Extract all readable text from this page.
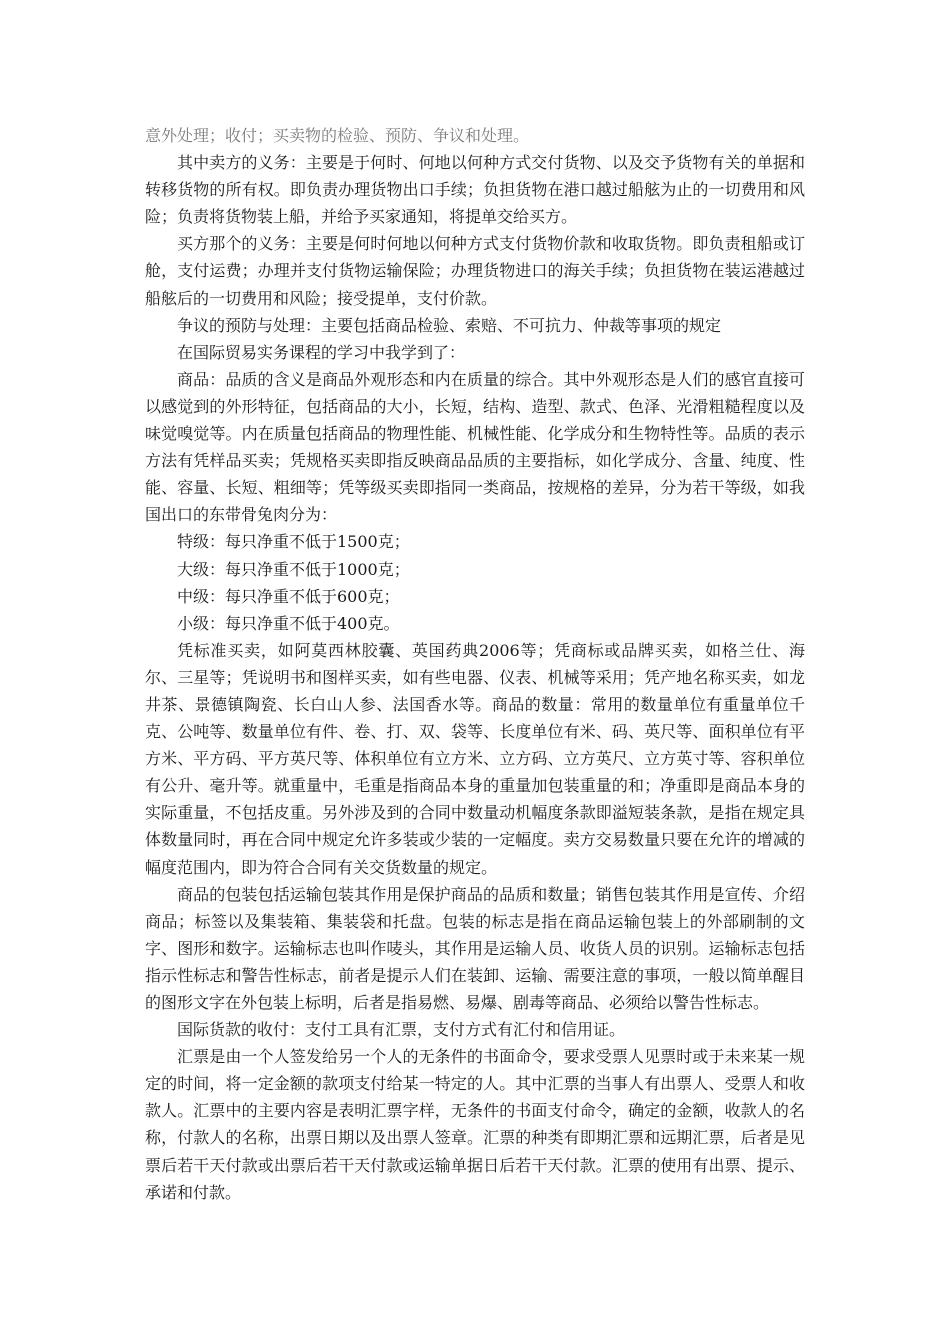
意外处理；收付；买卖物的检验、预防、争议和处理。

其中卖方的义务：主要是于何时、何地以何种方式交付货物、以及交予货物有关的单据和转移货物的所有权。即负责办理货物出口手续；负担货物在港口越过船舷为止的一切费用和风险；负责将货物装上船，并给予买家通知，将提单交给买方。

买方那个的义务：主要是何时何地以何种方式支付货物价款和收取货物。即负责租船或订舱，支付运费；办理并支付货物运输保险；办理货物进口的海关手续；负担货物在装运港越过船舷后的一切费用和风险；接受提单，支付价款。

争议的预防与处理：主要包括商品检验、索赔、不可抗力、仲裁等事项的规定

在国际贸易实务课程的学习中我学到了：

商品：品质的含义是商品外观形态和内在质量的综合。其中外观形态是人们的感官直接可以感觉到的外形特征，包括商品的大小，长短，结构、造型、款式、色泽、光滑粗糙程度以及味觉嗅觉等。内在质量包括商品的物理性能、机械性能、化学成分和生物特性等。品质的表示方法有凭样品买卖；凭规格买卖即指反映商品品质的主要指标，如化学成分、含量、纯度、性能、容量、长短、粗细等；凭等级买卖即指同一类商品，按规格的差异，分为若干等级，如我国出口的东带骨兔肉分为：

特级：每只净重不低于1500克；

大级：每只净重不低于1000克；

中级：每只净重不低于600克；

小级：每只净重不低于400克。

凭标准买卖，如阿莫西林胶囊、英国药典2006等；凭商标或品牌买卖，如格兰仕、海尔、三星等；凭说明书和图样买卖，如有些电器、仪表、机械等采用；凭产地名称买卖，如龙井茶、景德镇陶瓷、长白山人参、法国香水等。商品的数量：常用的数量单位有重量单位千克、公吨等、数量单位有件、卷、打、双、袋等、长度单位有米、码、英尺等、面积单位有平方米、平方码、平方英尺等、体积单位有立方米、立方码、立方英尺、立方英寸等、容积单位有公升、毫升等。就重量中，毛重是指商品本身的重量加包装重量的和；净重即是商品本身的实际重量，不包括皮重。另外涉及到的合同中数量动机幅度条款即溢短装条款，是指在规定具体数量同时，再在合同中规定允许多装或少装的一定幅度。卖方交易数量只要在允许的增减的幅度范围内，即为符合合同有关交货数量的规定。

商品的包装包括运输包装其作用是保护商品的品质和数量；销售包装其作用是宣传、介绍商品；标签以及集装箱、集装袋和托盘。包装的标志是指在商品运输包装上的外部刷制的文字、图形和数字。运输标志也叫作唛头，其作用是运输人员、收货人员的识别。运输标志包括指示性标志和警告性标志，前者是提示人们在装卸、运输、需要注意的事项，一般以简单醒目的图形文字在外包装上标明，后者是指易燃、易爆、剧毒等商品、必须给以警告性标志。

国际货款的收付：支付工具有汇票，支付方式有汇付和信用证。

汇票是由一个人签发给另一个人的无条件的书面命令，要求受票人见票时或于未来某一规定的时间，将一定金额的款项支付给某一特定的人。其中汇票的当事人有出票人、受票人和收款人。汇票中的主要内容是表明汇票字样，无条件的书面支付命令，确定的金额，收款人的名称，付款人的名称，出票日期以及出票人签章。汇票的种类有即期汇票和远期汇票，后者是见票后若干天付款或出票后若干天付款或运输单据日后若干天付款。汇票的使用有出票、提示、承诺和付款。
